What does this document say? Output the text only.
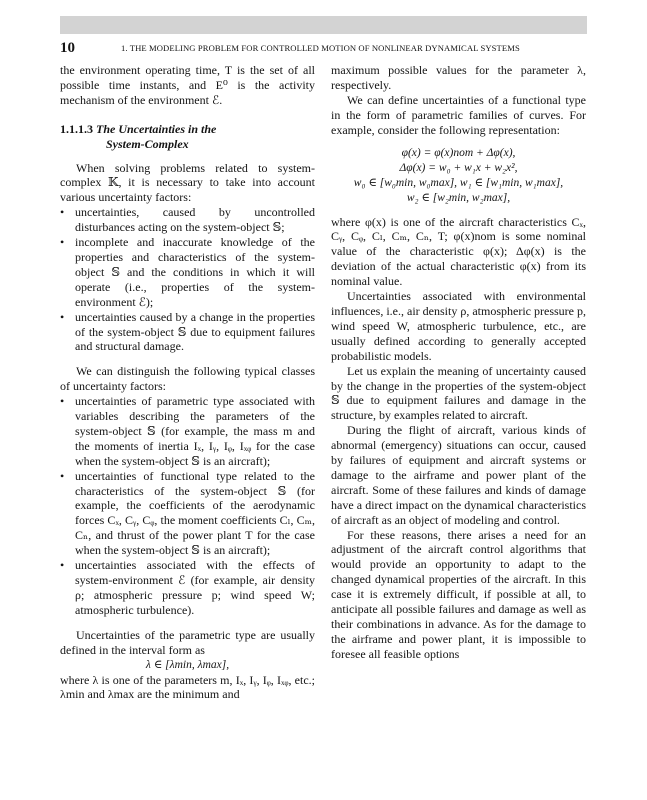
10	1. THE MODELING PROBLEM FOR CONTROLLED MOTION OF NONLINEAR DYNAMICAL SYSTEMS

the environment operating time, T is the set of all possible time instants, and E⁰ is the activity mechanism of the environment ℰ.

1.1.1.3 The Uncertainties in the
System-Complex

When solving problems related to system-complex 𝕂, it is necessary to take into account various uncertainty factors:

• uncertainties, caused by uncontrolled disturbances acting on the system-object 𝕊;
• incomplete and inaccurate knowledge of the properties and characteristics of the system-object 𝕊 and the conditions in which it will operate (i.e., properties of the system-environment ℰ);
• uncertainties caused by a change in the properties of the system-object 𝕊 due to equipment failures and structural damage.

We can distinguish the following typical classes of uncertainty factors:

• uncertainties of parametric type associated with variables describing the parameters of the system-object 𝕊 (for example, the mass m and the moments of inertia Iₓ, Iᵧ, Iᵩ, Iₓᵩ for the case when the system-object 𝕊 is an aircraft);
• uncertainties of functional type related to the characteristics of the system-object 𝕊 (for example, the coefficients of the aerodynamic forces Cₓ, Cᵧ, Cᵩ, the moment coefficients Cₗ, Cₘ, Cₙ, and thrust of the power plant T for the case when the system-object 𝕊 is an aircraft);
• uncertainties associated with the effects of system-environment ℰ (for example, air density ρ; atmospheric pressure p; wind speed W; atmospheric turbulence).

Uncertainties of the parametric type are usually defined in the interval form as

λ ∈ [λmin, λmax],

where λ is one of the parameters m, Iₓ, Iᵧ, Iᵩ, Iₓᵩ, etc.; λmin and λmax are the minimum and

maximum possible values for the parameter λ, respectively.

We can define uncertainties of a functional type in the form of parametric families of curves. For example, consider the following representation:

φ(x) = φ(x)nom + Δφ(x),

Δφ(x) = w₀ + w₁x + w₂x²,

w₀ ∈ [w₀min, w₀max], w₁ ∈ [w₁min, w₁max],

w₂ ∈ [w₂min, w₂max],

where φ(x) is one of the aircraft characteristics Cₓ, Cᵧ, Cᵩ, Cₗ, Cₘ, Cₙ, T; φ(x)nom is some nominal value of the characteristic φ(x); Δφ(x) is the deviation of the actual characteristic φ(x) from its nominal value.

Uncertainties associated with environmental influences, i.e., air density ρ, atmospheric pressure p, wind speed W, atmospheric turbulence, etc., are usually defined according to generally accepted probabilistic models.

Let us explain the meaning of uncertainty caused by the change in the properties of the system-object 𝕊 due to equipment failures and damage in the structure, by examples related to aircraft.

During the flight of aircraft, various kinds of abnormal (emergency) situations can occur, caused by failures of equipment and aircraft systems or damage to the airframe and power plant of the aircraft. Some of these failures and kinds of damage have a direct impact on the dynamical characteristics of aircraft as an object of modeling and control.

For these reasons, there arises a need for an adjustment of the aircraft control algorithms that would provide an opportunity to adapt to the changed dynamical properties of the aircraft. In this case it is extremely difficult, if possible at all, to anticipate all possible failures and damage as well as their combinations in advance. As for the damage to the airframe and power plant, it is impossible to foresee all feasible options
